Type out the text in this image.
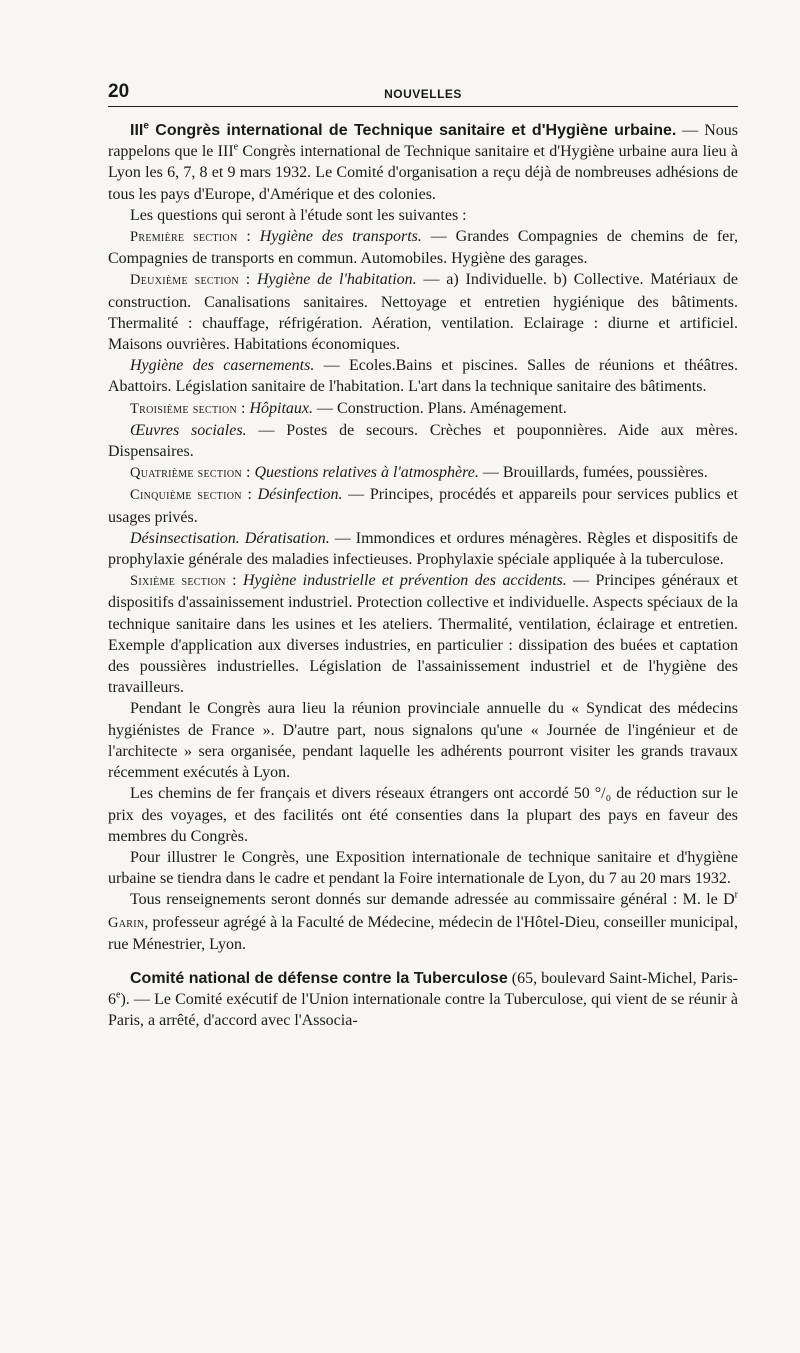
20	NOUVELLES

IIIe Congrès international de Technique sanitaire et d'Hygiène urbaine. — Nous rappelons que le IIIe Congrès international de Technique sanitaire et d'Hygiène urbaine aura lieu à Lyon les 6, 7, 8 et 9 mars 1932. Le Comité d'organisation a reçu déjà de nombreuses adhésions de tous les pays d'Europe, d'Amérique et des colonies.

Les questions qui seront à l'étude sont les suivantes :

Première section : Hygiène des transports. — Grandes Compagnies de chemins de fer, Compagnies de transports en commun. Automobiles. Hygiène des garages.

Deuxième section : Hygiène de l'habitation. — a) Individuelle. b) Collective. Matériaux de construction. Canalisations sanitaires. Nettoyage et entretien hygiénique des bâtiments. Thermalité : chauffage, réfrigération. Aération, ventilation. Eclairage : diurne et artificiel. Maisons ouvrières. Habitations économiques.

Hygiène des casernements. — Ecoles.Bains et piscines. Salles de réunions et théâtres. Abattoirs. Législation sanitaire de l'habitation. L'art dans la technique sanitaire des bâtiments.

Troisième section : Hôpitaux. — Construction. Plans. Aménagement.

Œuvres sociales. — Postes de secours. Crèches et pouponnières. Aide aux mères. Dispensaires.

Quatrième section : Questions relatives à l'atmosphère. — Brouillards, fumées, poussières.

Cinquième section : Désinfection. — Principes, procédés et appareils pour services publics et usages privés.

Désinsectisation. Dératisation. — Immondices et ordures ménagères. Règles et dispositifs de prophylaxie générale des maladies infectieuses. Prophylaxie spéciale appliquée à la tuberculose.

Sixième section : Hygiène industrielle et prévention des accidents. — Principes généraux et dispositifs d'assainissement industriel. Protection collective et individuelle. Aspects spéciaux de la technique sanitaire dans les usines et les ateliers. Thermalité, ventilation, éclairage et entretien. Exemple d'application aux diverses industries, en particulier : dissipation des buées et captation des poussières industrielles. Législation de l'assainissement industriel et de l'hygiène des travailleurs.

Pendant le Congrès aura lieu la réunion provinciale annuelle du « Syndicat des médecins hygiénistes de France ». D'autre part, nous signalons qu'une « Journée de l'ingénieur et de l'architecte » sera organisée, pendant laquelle les adhérents pourront visiter les grands travaux récemment exécutés à Lyon.

Les chemins de fer français et divers réseaux étrangers ont accordé 50 °/₀ de réduction sur le prix des voyages, et des facilités ont été consenties dans la plupart des pays en faveur des membres du Congrès.

Pour illustrer le Congrès, une Exposition internationale de technique sanitaire et d'hygiène urbaine se tiendra dans le cadre et pendant la Foire internationale de Lyon, du 7 au 20 mars 1932.

Tous renseignements seront donnés sur demande adressée au commissaire général : M. le $D^r$ Garin, professeur agrégé à la Faculté de Médecine, médecin de l'Hôtel-Dieu, conseiller municipal, rue Ménestrier, Lyon.

Comité national de défense contre la Tuberculose (65, boulevard Saint-Michel, Paris-6e). — Le Comité exécutif de l'Union internationale contre la Tuberculose, qui vient de se réunir à Paris, a arrêté, d'accord avec l'Associa-
